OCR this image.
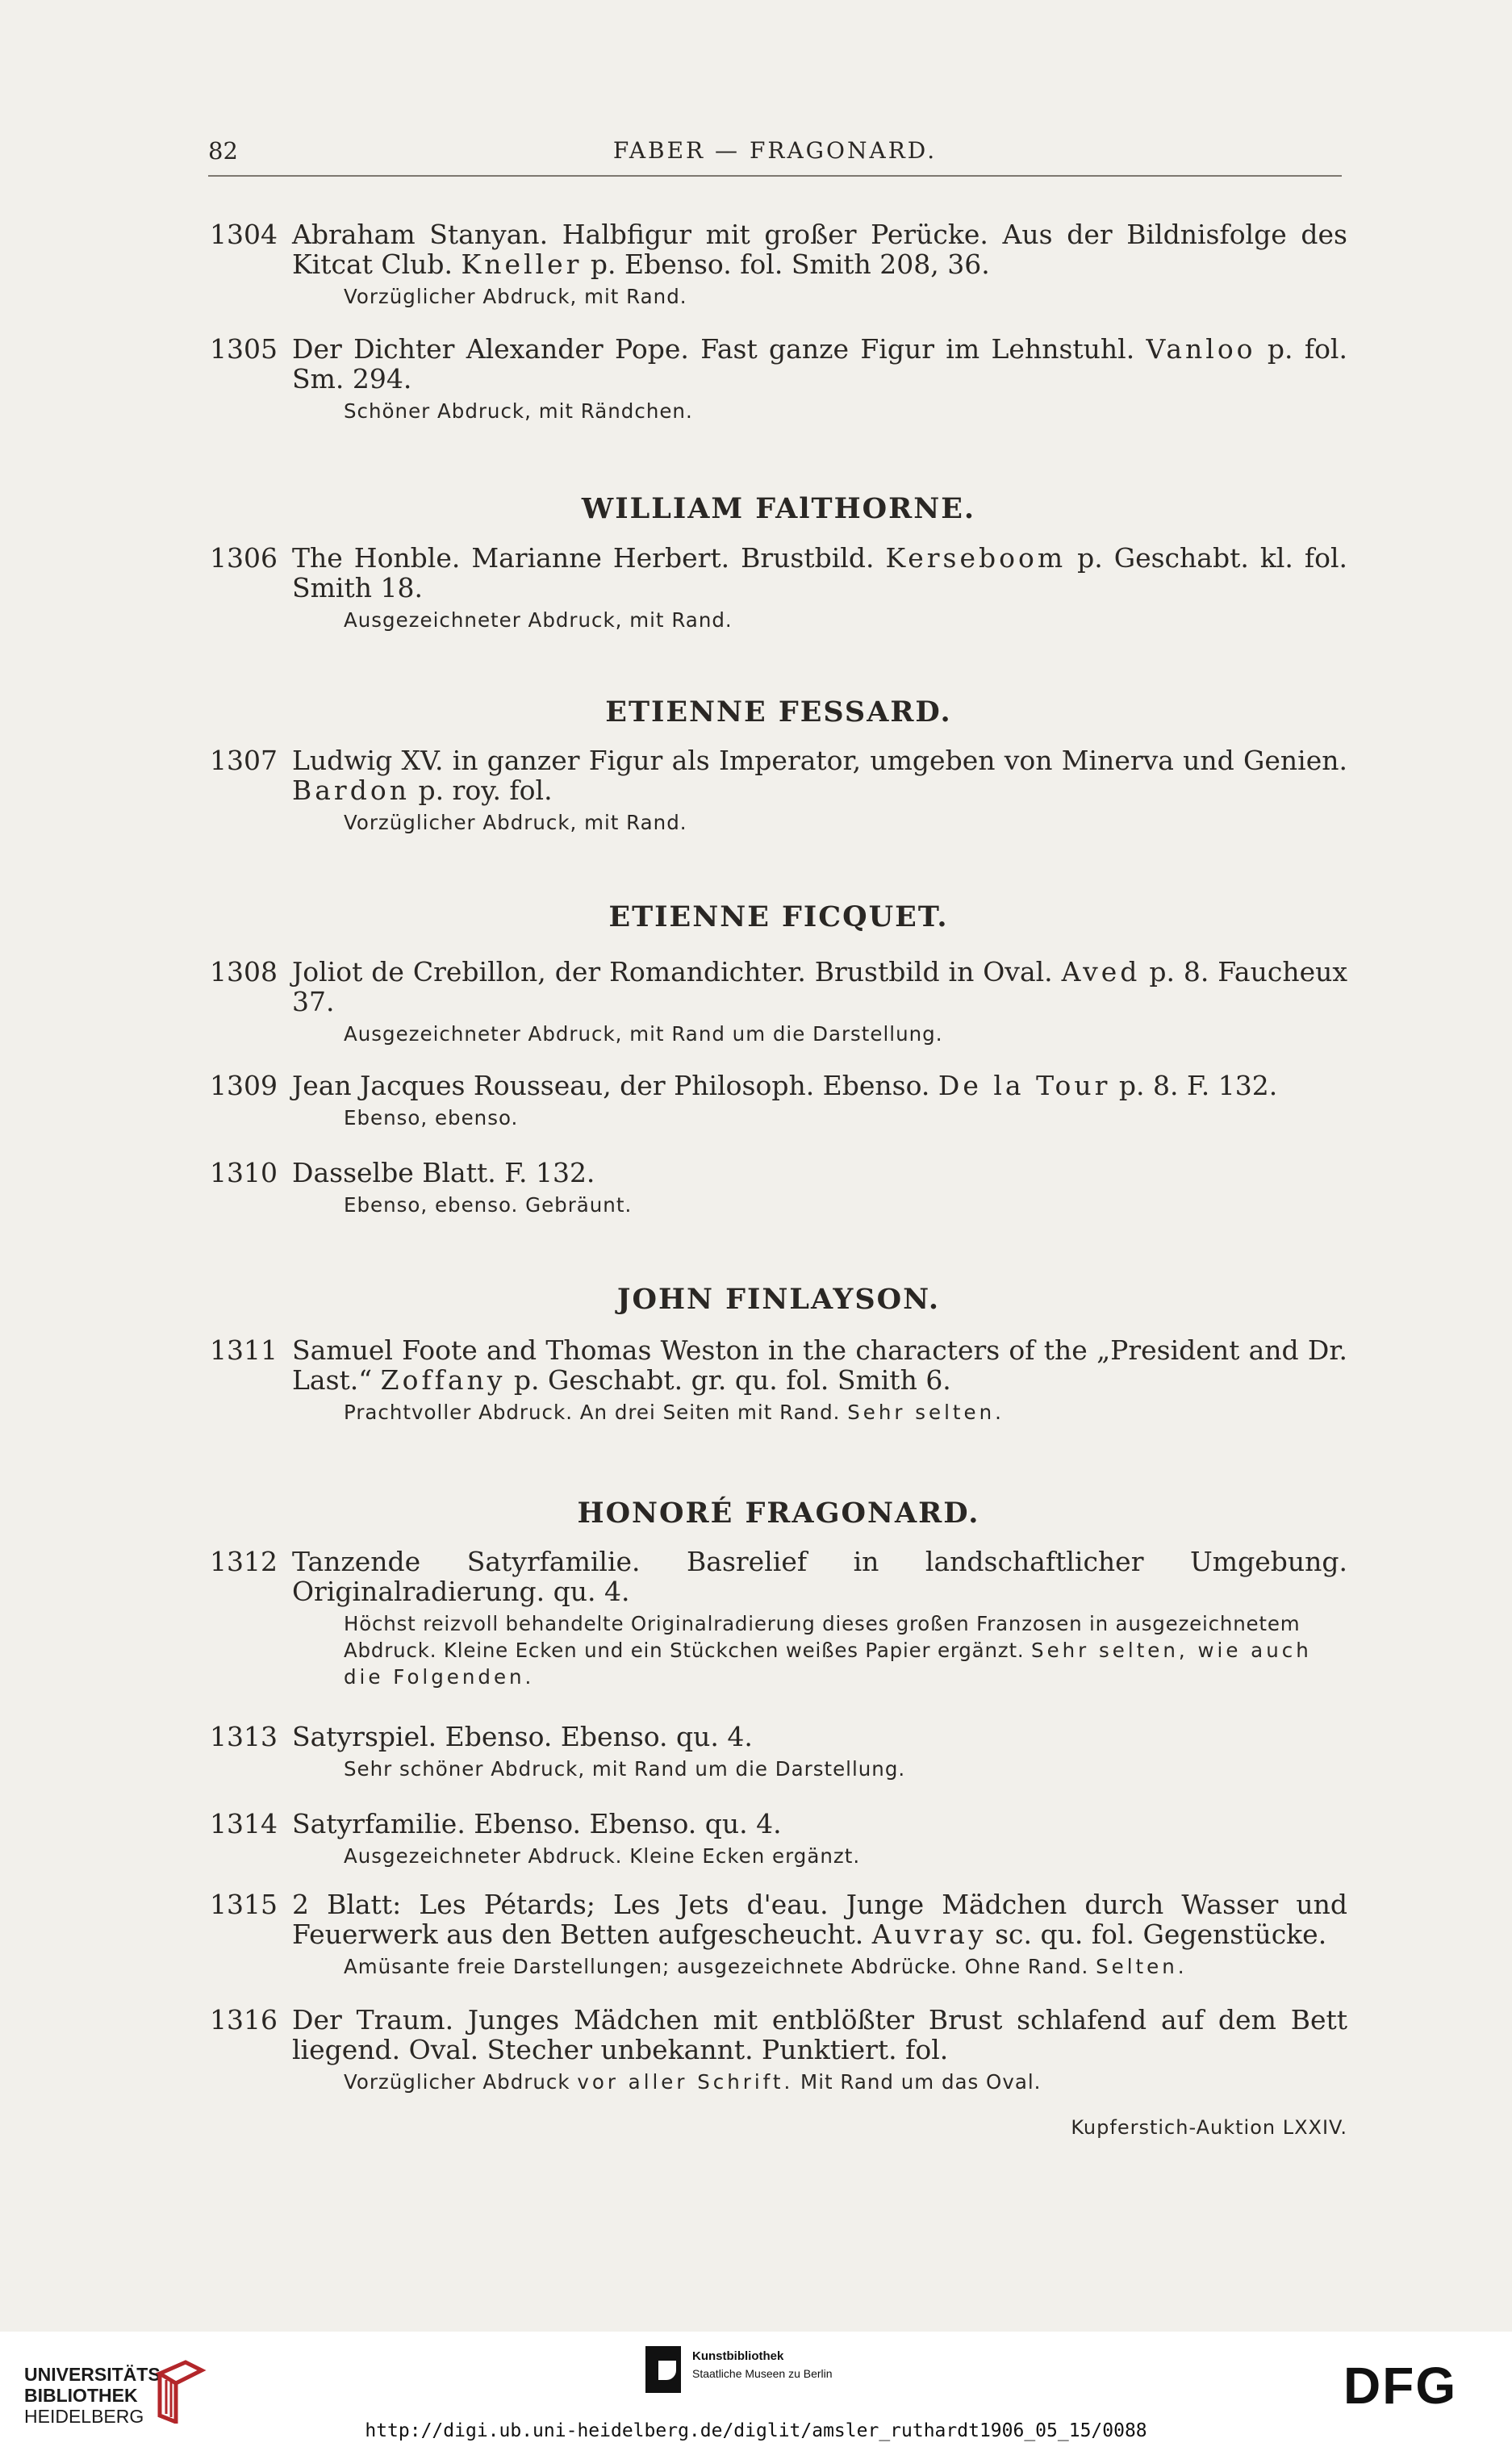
82	FABER — FRAGONARD.
1304 Abraham Stanyan. Halbfigur mit großer Perücke. Aus der Bildnisfolge des Kitcat Club. Kneller p. Ebenso. fol. Smith 208, 36.
Vorzüglicher Abdruck, mit Rand.
1305 Der Dichter Alexander Pope. Fast ganze Figur im Lehnstuhl. Vanloo p. fol. Sm. 294.
Schöner Abdruck, mit Rändchen.
WILLIAM FAlTHORNE.
1306 The Honble. Marianne Herbert. Brustbild. Kerseboom p. Geschabt. kl. fol. Smith 18.
Ausgezeichneter Abdruck, mit Rand.
ETIENNE FESSARD.
1307 Ludwig XV. in ganzer Figur als Imperator, umgeben von Minerva und Genien. Bardon p. roy. fol.
Vorzüglicher Abdruck, mit Rand.
ETIENNE FICQUET.
1308 Joliot de Crebillon, der Romandichter. Brustbild in Oval. Aved p. 8. Faucheux 37.
Ausgezeichneter Abdruck, mit Rand um die Darstellung.
1309 Jean Jacques Rousseau, der Philosoph. Ebenso. De la Tour p. 8. F. 132.
Ebenso, ebenso.
1310 Dasselbe Blatt. F. 132.
Ebenso, ebenso. Gebräunt.
JOHN FINLAYSON.
1311 Samuel Foote and Thomas Weston in the characters of the „President and Dr. Last.“ Zoffany p. Geschabt. gr. qu. fol. Smith 6.
Prachtvoller Abdruck. An drei Seiten mit Rand. Sehr selten.
HONORÉ FRAGONARD.
1312 Tanzende Satyrfamilie. Basrelief in landschaftlicher Umgebung. Originalradierung. qu. 4.
Höchst reizvoll behandelte Originalradierung dieses großen Franzosen in ausgezeichnetem Abdruck. Kleine Ecken und ein Stückchen weißes Papier ergänzt. Sehr selten, wie auch die Folgenden.
1313 Satyrspiel. Ebenso. Ebenso. qu. 4.
Sehr schöner Abdruck, mit Rand um die Darstellung.
1314 Satyrfamilie. Ebenso. Ebenso. qu. 4.
Ausgezeichneter Abdruck. Kleine Ecken ergänzt.
1315 2 Blatt: Les Pétards; Les Jets d'eau. Junge Mädchen durch Wasser und Feuerwerk aus den Betten aufgescheucht. Auvray sc. qu. fol. Gegenstücke.
Amüsante freie Darstellungen; ausgezeichnete Abdrücke. Ohne Rand. Selten.
1316 Der Traum. Junges Mädchen mit entblößter Brust schlafend auf dem Bett liegend. Oval. Stecher unbekannt. Punktiert. fol.
Vorzüglicher Abdruck vor aller Schrift. Mit Rand um das Oval.
Kupferstich-Auktion LXXIV.
UNIVERSITÄTS-
BIBLIOTHEK
HEIDELBERG
Kunstbibliothek
Staatliche Museen zu Berlin	DFG
http://digi.ub.uni-heidelberg.de/diglit/amsler_ruthardt1906_05_15/0088
